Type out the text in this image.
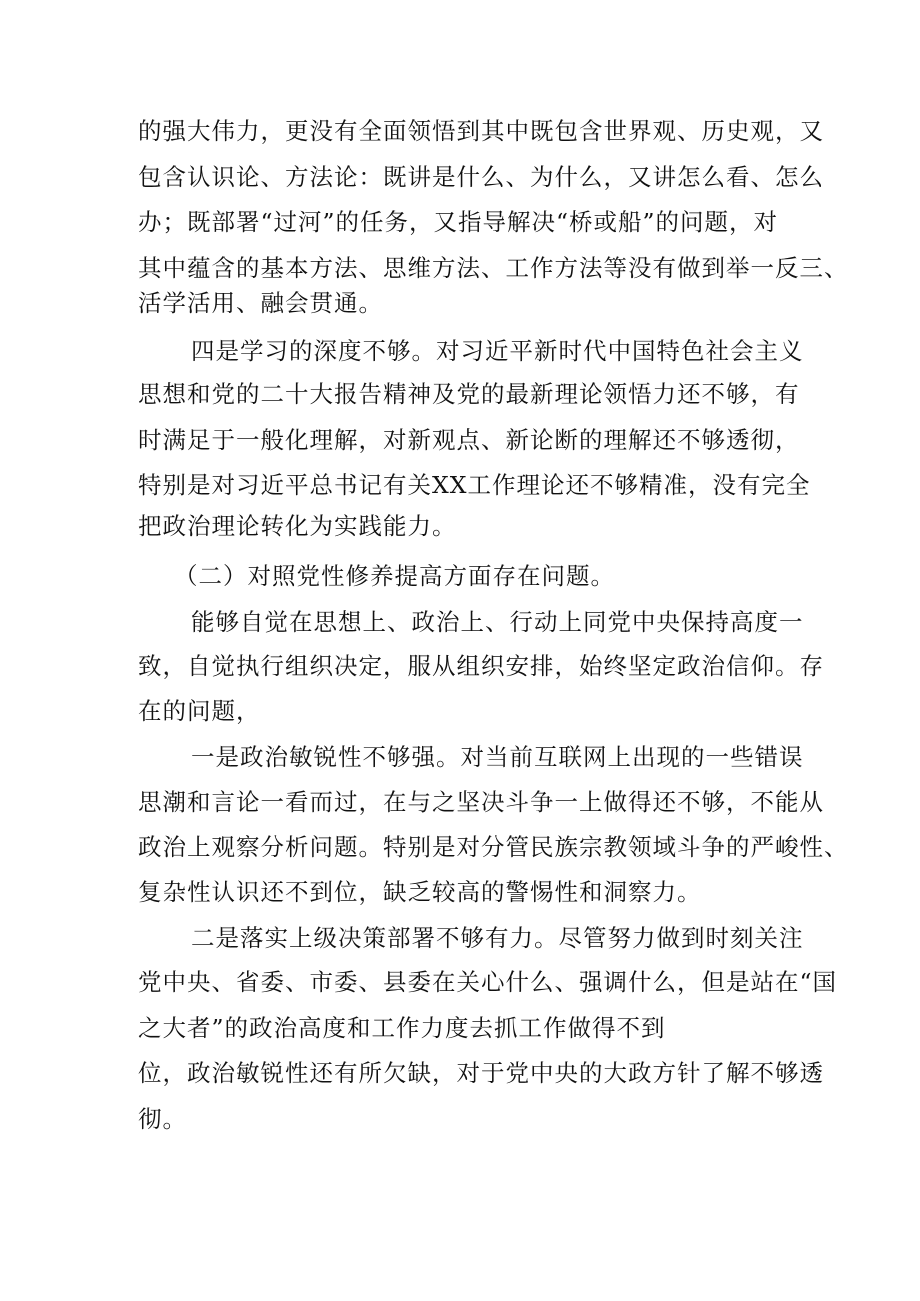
的强大伟力，更没有全面领悟到其中既包含世界观、历史观，又
包含认识论、方法论：既讲是什么、为什么，又讲怎么看、怎么
办；既部署“过河”的任务，又指导解决“桥或船”的问题，对
其中蕴含的基本方法、思维方法、工作方法等没有做到举一反三、
活学活用、融会贯通。
四是学习的深度不够。对习近平新时代中国特色社会主义
思想和党的二十大报告精神及党的最新理论领悟力还不够，有
时满足于一般化理解，对新观点、新论断的理解还不够透彻，
特别是对习近平总书记有关XX工作理论还不够精准，没有完全
把政治理论转化为实践能力。
（二）对照党性修养提高方面存在问题。
能够自觉在思想上、政治上、行动上同党中央保持高度一
致，自觉执行组织决定，服从组织安排，始终坚定政治信仰。存
在的问题，
一是政治敏锐性不够强。对当前互联网上出现的一些错误
思潮和言论一看而过，在与之坚决斗争一上做得还不够，不能从
政治上观察分析问题。特别是对分管民族宗教领域斗争的严峻性、
复杂性认识还不到位，缺乏较高的警惕性和洞察力。
二是落实上级决策部署不够有力。尽管努力做到时刻关注
党中央、省委、市委、县委在关心什么、强调什么，但是站在“国
之大者”的政治高度和工作力度去抓工作做得不到
位，政治敏锐性还有所欠缺，对于党中央的大政方针了解不够透
彻。
